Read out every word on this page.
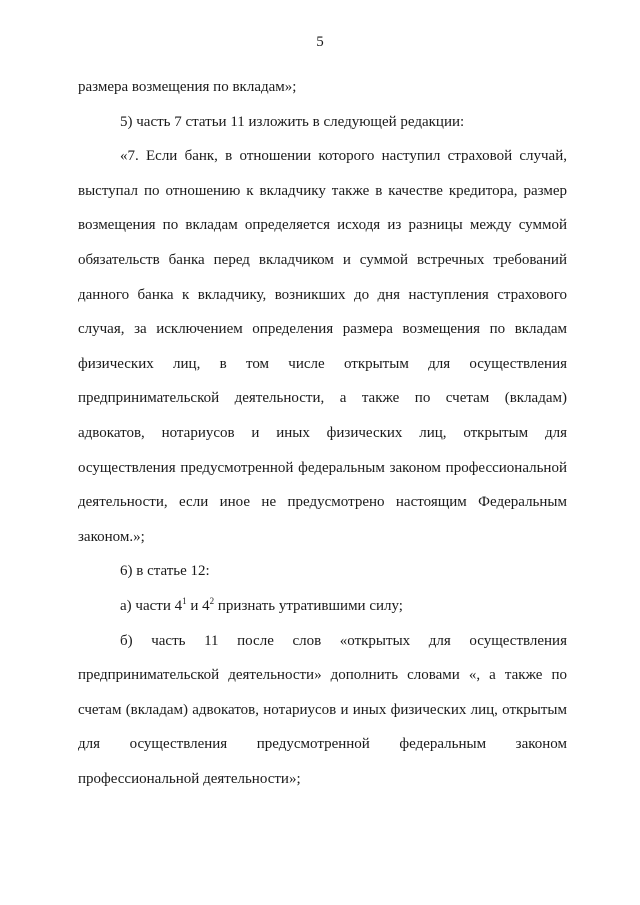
5

размера возмещения по вкладам»;

5) часть 7 статьи 11 изложить в следующей редакции:

«7. Если банк, в отношении которого наступил страховой случай, выступал по отношению к вкладчику также в качестве кредитора, размер возмещения по вкладам определяется исходя из разницы между суммой обязательств банка перед вкладчиком и суммой встречных требований данного банка к вкладчику, возникших до дня наступления страхового случая, за исключением определения размера возмещения по вкладам физических лиц, в том числе открытым для осуществления предпринимательской деятельности, а также по счетам (вкладам) адвокатов, нотариусов и иных физических лиц, открытым для осуществления предусмотренной федеральным законом профессиональной деятельности, если иное не предусмотрено настоящим Федеральным законом.»;

6) в статье 12:

а) части $4^1$ и $4^2$ признать утратившими силу;

б) часть 11 после слов «открытых для осуществления предпринимательской деятельности» дополнить словами «, а также по счетам (вкладам) адвокатов, нотариусов и иных физических лиц, открытым для осуществления предусмотренной федеральным законом профессиональной деятельности»;
